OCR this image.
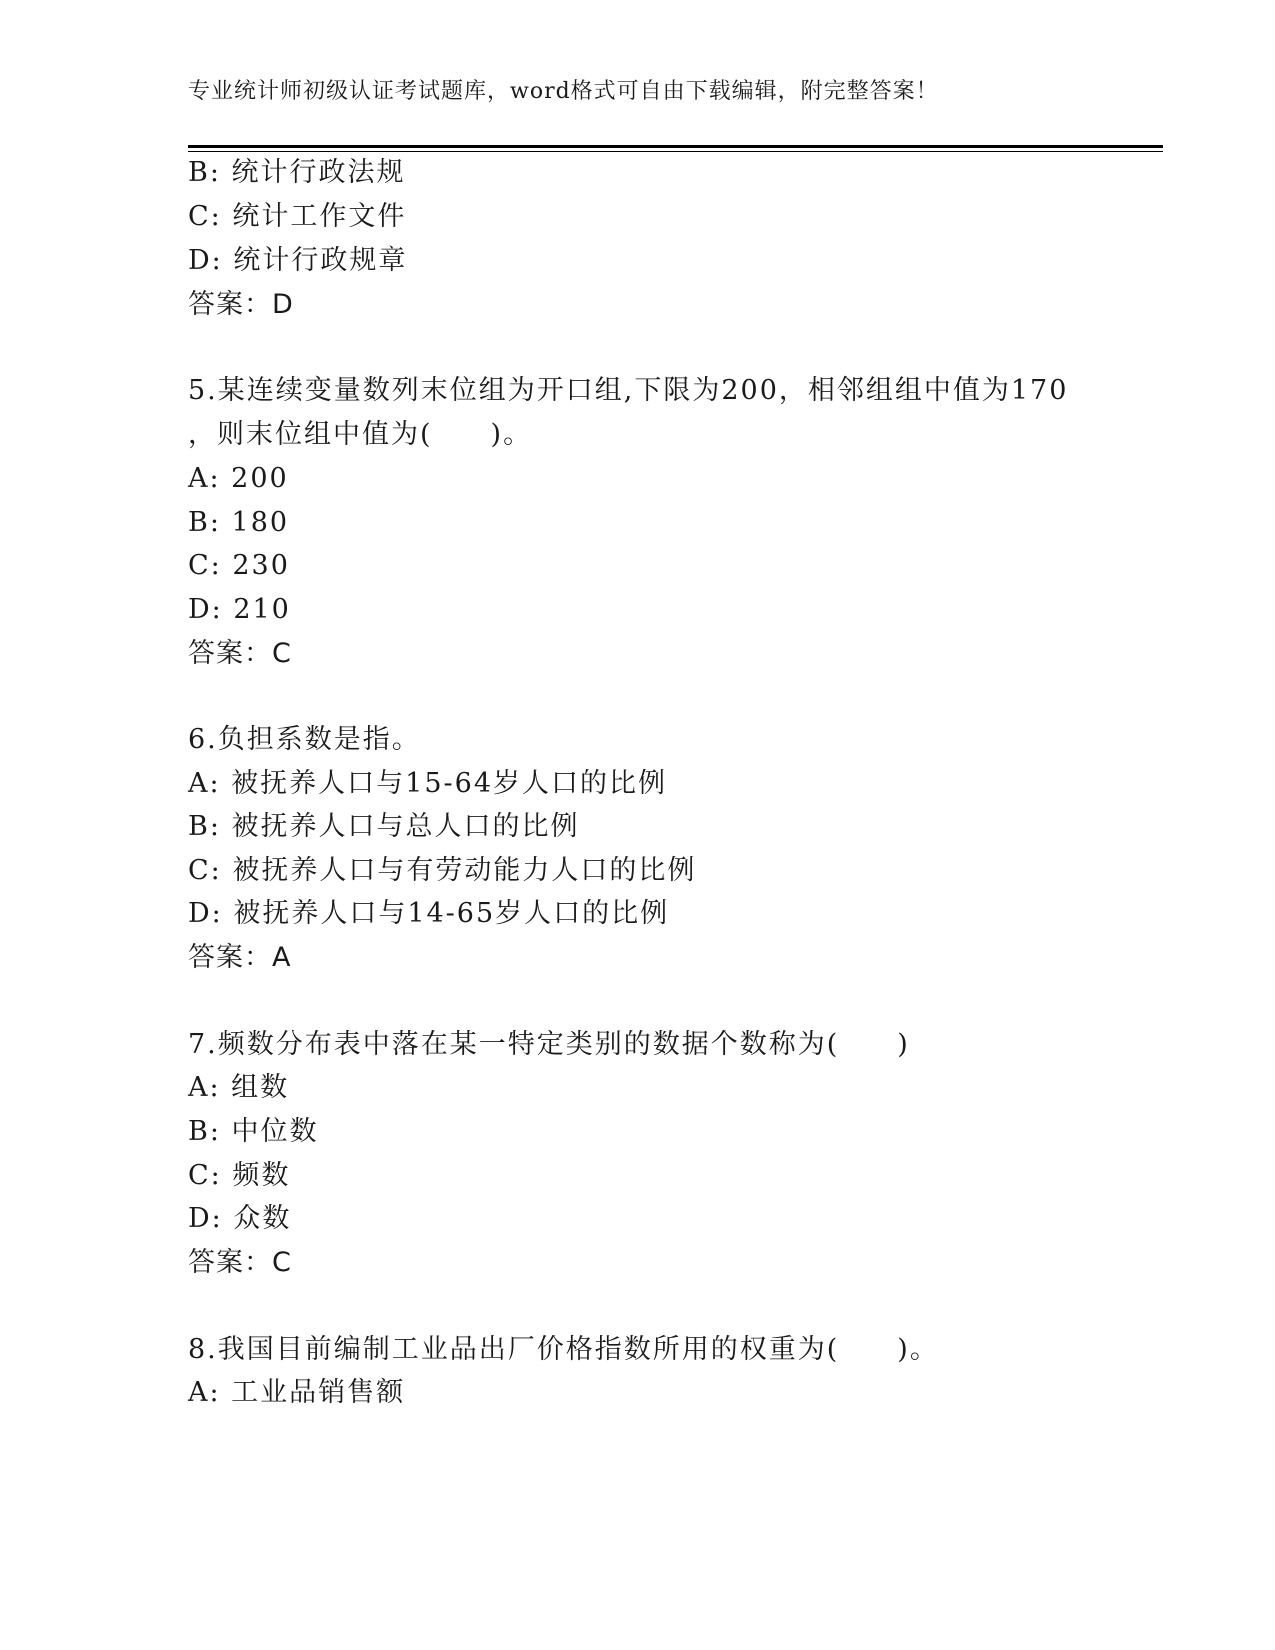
专业统计师初级认证考试题库，word格式可自由下载编辑，附完整答案！
B: 统计行政法规
C: 统计工作文件
D: 统计行政规章
答案：D
5.某连续变量数列末位组为开口组,下限为200，相邻组组中值为170
，则末位组中值为(　　)。
A: 200
B: 180
C: 230
D: 210
答案：C
6.负担系数是指。
A: 被抚养人口与15-64岁人口的比例
B: 被抚养人口与总人口的比例
C: 被抚养人口与有劳动能力人口的比例
D: 被抚养人口与14-65岁人口的比例
答案：A
7.频数分布表中落在某一特定类别的数据个数称为(　　)
A: 组数
B: 中位数
C: 频数
D: 众数
答案：C
8.我国目前编制工业品出厂价格指数所用的权重为(　　)。
A: 工业品销售额
